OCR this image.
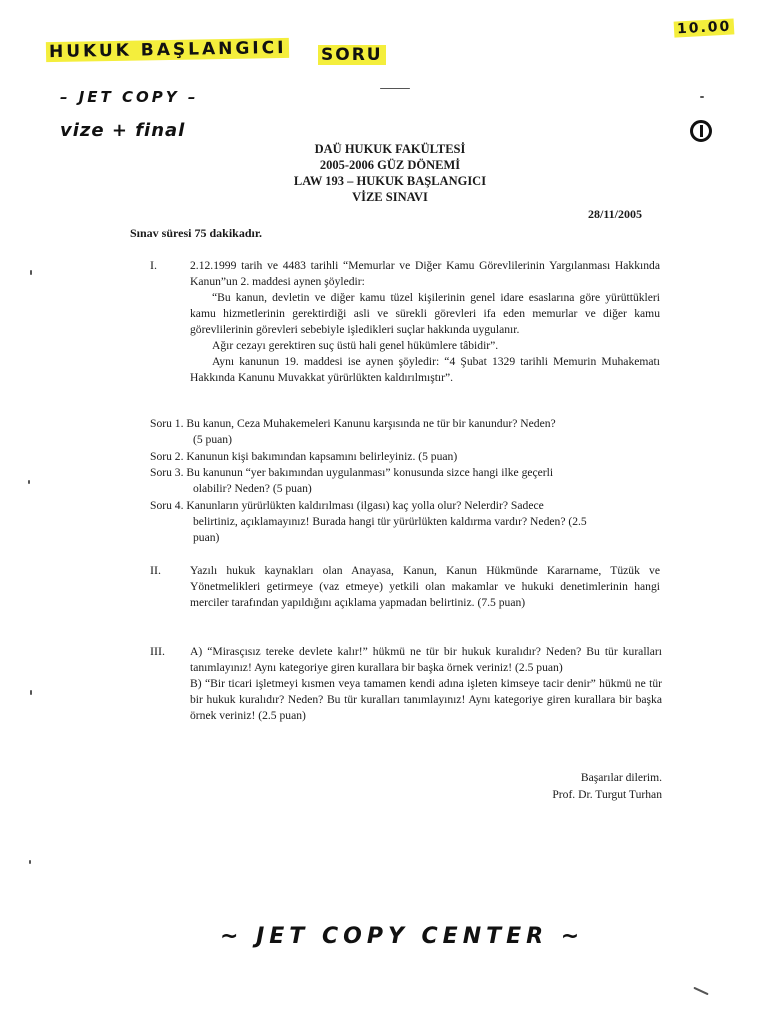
HUKUK BAŞLANGICI SORU
10.00
– JET COPY –
vize + final
DAÜ HUKUK FAKÜLTESİ
2005-2006 GÜZ DÖNEMİ
LAW 193 – HUKUK BAŞLANGICI
VİZE SINAVI
28/11/2005
Sınav süresi 75 dakikadır.
I.	2.12.1999 tarih ve 4483 tarihli “Memurlar ve Diğer Kamu Görevlilerinin Yargılanması Hakkında Kanun”un 2. maddesi aynen şöyledir:

“Bu kanun, devletin ve diğer kamu tüzel kişilerinin genel idare esaslarına göre yürüttükleri kamu hizmetlerinin gerektirdiği asli ve sürekli görevleri ifa eden memurlar ve diğer kamu görevlilerinin görevleri sebebiyle işledikleri suçlar hakkında uygulanır.

Ağır cezayı gerektiren suç üstü hali genel hükümlere tâbidir”.

Aynı kanunun 19. maddesi ise aynen şöyledir: “4 Şubat 1329 tarihli Memurin Muhakematı Hakkında Kanunu Muvakkat yürürlükten kaldırılmıştır”.

Soru 1. Bu kanun, Ceza Muhakemeleri Kanunu karşısında ne tür bir kanundur? Neden?
(5 puan)
Soru 2. Kanunun kişi bakımından kapsamını belirleyiniz. (5 puan)
Soru 3. Bu kanunun “yer bakımından uygulanması” konusunda sizce hangi ilke geçerli
olabilir? Neden? (5 puan)
Soru 4. Kanunların yürürlükten kaldırılması (ilgası) kaç yolla olur? Nelerdir? Sadece
belirtiniz, açıklamayınız! Burada hangi tür yürürlükten kaldırma vardır? Neden? (2.5 puan)
II.	Yazılı hukuk kaynakları olan Anayasa, Kanun, Kanun Hükmünde Kararname, Tüzük ve Yönetmelikleri getirmeye (vaz etmeye) yetkili olan makamlar ve hukuki denetimlerinin hangi merciler tarafından yapıldığını açıklama yapmadan belirtiniz. (7.5 puan)
III. A) “Mirasçısız tereke devlete kalır!” hükmü ne tür bir hukuk kuralıdır? Neden? Bu tür kuralları tanımlayınız! Aynı kategoriye giren kurallara bir başka örnek veriniz! (2.5 puan)
B) “Bir ticari işletmeyi kısmen veya tamamen kendi adına işleten kimseye tacir denir” hükmü ne tür bir hukuk kuralıdır? Neden? Bu tür kuralları tanımlayınız! Aynı kategoriye giren kurallara bir başka örnek veriniz! (2.5 puan)
Başarılar dilerim.
Prof. Dr. Turgut Turhan
~ JET COPY CENTER ~
